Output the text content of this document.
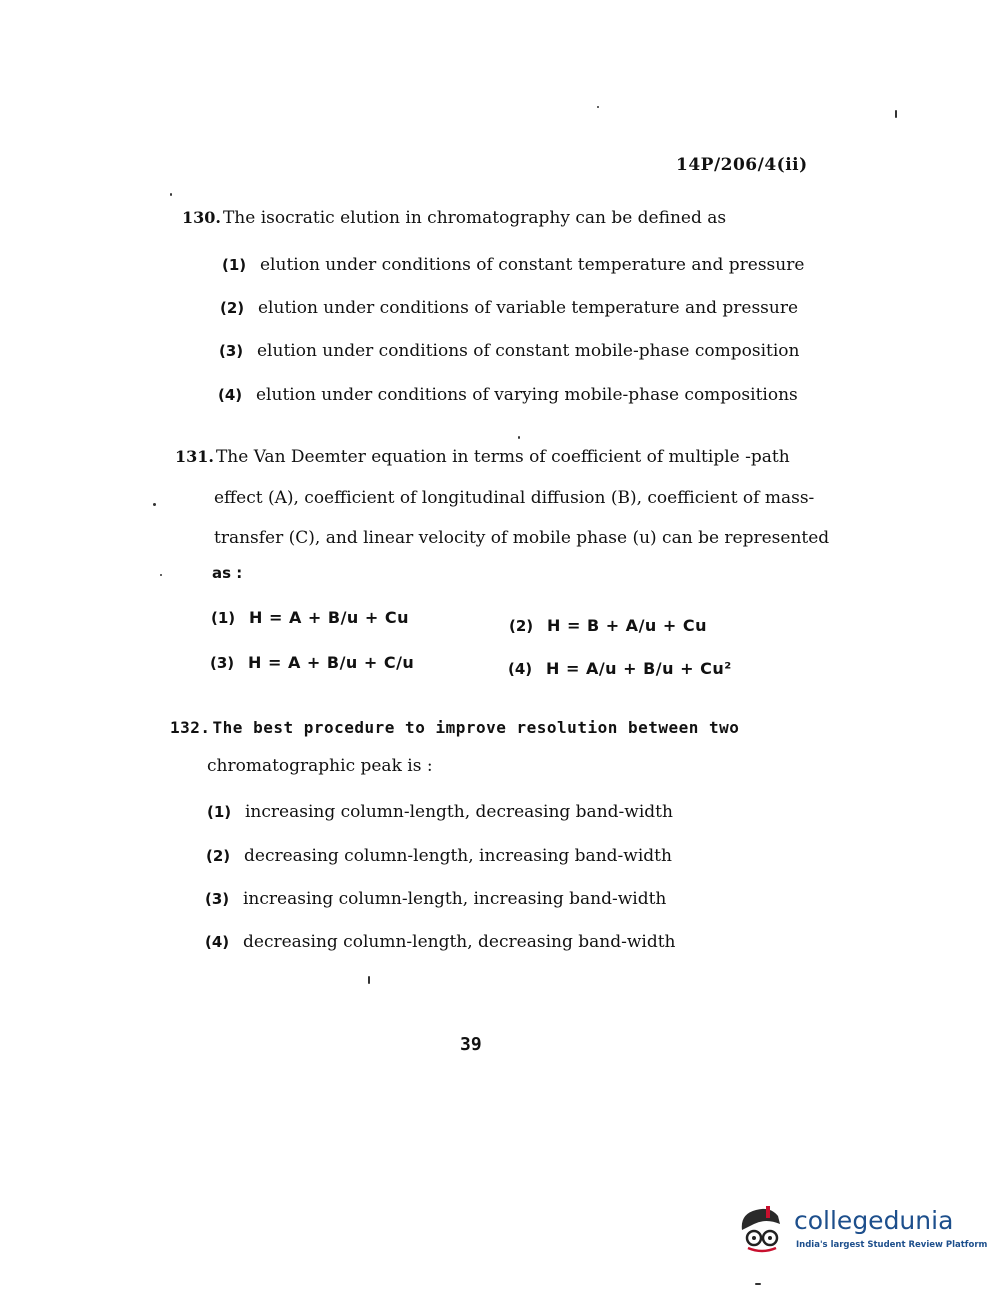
14P/206/4(ii)
130. The isocratic elution in chromatography can be defined as
(1) elution under conditions of constant temperature and pressure
(2) elution under conditions of variable temperature and pressure
(3) elution under conditions of constant mobile-phase composition
(4) elution under conditions of varying mobile-phase compositions
131. The Van Deemter equation in terms of coefficient of multiple -path
effect (A), coefficient of longitudinal diffusion (B), coefficient of mass-
transfer (C), and linear velocity of mobile phase (u) can be represented
as :
(1) H = A + B/u + Cu	(2) H = B + A/u + Cu
(3) H = A + B/u + C/u	(4) H = A/u + B/u + Cu²
132. The best procedure to improve resolution between two
chromatographic peak is :
(1) increasing column-length, decreasing band-width
(2) decreasing column-length, increasing band-width
(3) increasing column-length, increasing band-width
(4) decreasing column-length, decreasing band-width
39
collegedunia
India's largest Student Review Platform
